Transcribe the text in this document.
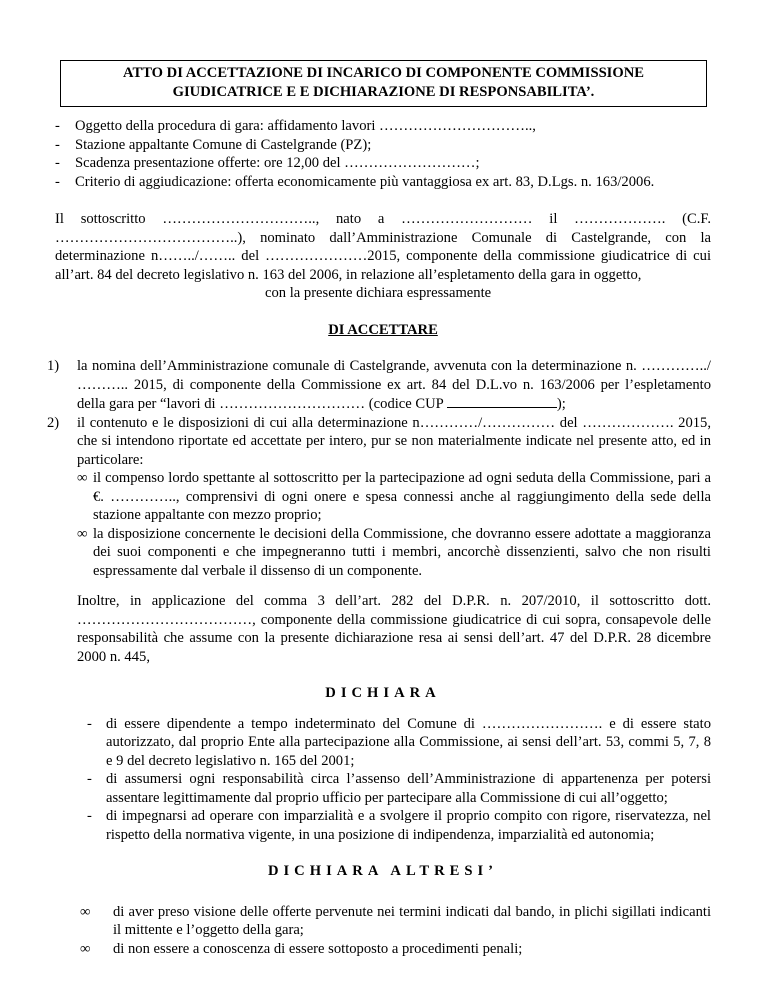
ATTO DI ACCETTAZIONE DI INCARICO DI COMPONENTE COMMISSIONE
GIUDICATRICE E E DICHIARAZIONE DI RESPONSABILITA’.
-	Oggetto della procedura di gara: affidamento lavori …………………………..,
-	Stazione appaltante Comune di Castelgrande (PZ);
-	Scadenza presentazione offerte: ore 12,00 del ………………………;
-	Criterio di aggiudicazione: offerta economicamente più vantaggiosa ex art. 83, D.Lgs. n. 163/2006.
Il sottoscritto ………………………….., nato a ……………………… il ………………. (C.F. ………………………………..), nominato dall’Amministrazione Comunale di Castelgrande, con la determinazione n……../…….. del …………………2015, componente della commissione giudicatrice di cui all’art. 84 del decreto legislativo n. 163 del 2006, in relazione all’espletamento della gara in oggetto,
con la presente dichiara espressamente
DI ACCETTARE
1)	la nomina dell’Amministrazione comunale di Castelgrande, avvenuta con la determinazione n. …………../ ……….. 2015, di componente della Commissione ex art. 84 del D.L.vo n. 163/2006 per l’espletamento della gara per “lavori di ………………………… (codice CUP	);
2)	il contenuto e le disposizioni di cui alla determinazione n…………/…………… del ………………. 2015, che si intendono riportate ed accettate per intero, pur se non materialmente indicate nel presente atto, ed in particolare:
∞ il compenso lordo spettante al sottoscritto per la partecipazione ad ogni seduta della Commissione, pari a €. ………….., comprensivi di ogni onere e spesa connessi anche al raggiungimento della sede della stazione appaltante con mezzo proprio;
∞ la disposizione concernente le decisioni della Commissione, che dovranno essere adottate a maggioranza dei suoi componenti e che impegneranno tutti i membri, ancorchè dissenzienti, salvo che non risulti espressamente dal verbale il dissenso di un componente.
Inoltre, in applicazione del comma 3 dell’art. 282 del D.P.R. n. 207/2010, il sottoscritto dott. ………………………………, componente della commissione giudicatrice di cui sopra, consapevole delle responsabilità che assume con la presente dichiarazione resa ai sensi dell’art. 47 del D.P.R. 28 dicembre 2000 n. 445,
DICHIARA
- di essere dipendente a tempo indeterminato del Comune di ……………………. e di essere stato autorizzato, dal proprio Ente alla partecipazione alla Commissione, ai sensi dell’art. 53, commi 5, 7, 8 e 9 del decreto legislativo n. 165 del 2001;
- di assumersi ogni responsabilità circa l’assenso dell’Amministrazione di appartenenza per potersi assentare legittimamente dal proprio ufficio per partecipare alla Commissione di cui all’oggetto;
- di impegnarsi ad operare con imparzialità e a svolgere il proprio compito con rigore, riservatezza, nel rispetto della normativa vigente, in una posizione di indipendenza, imparzialità ed autonomia;
DICHIARA ALTRESI’
∞	di aver preso visione delle offerte pervenute nei termini indicati dal bando, in plichi sigillati indicanti il mittente e l’oggetto della gara;
∞	di non essere a conoscenza di essere sottoposto a procedimenti penali;
